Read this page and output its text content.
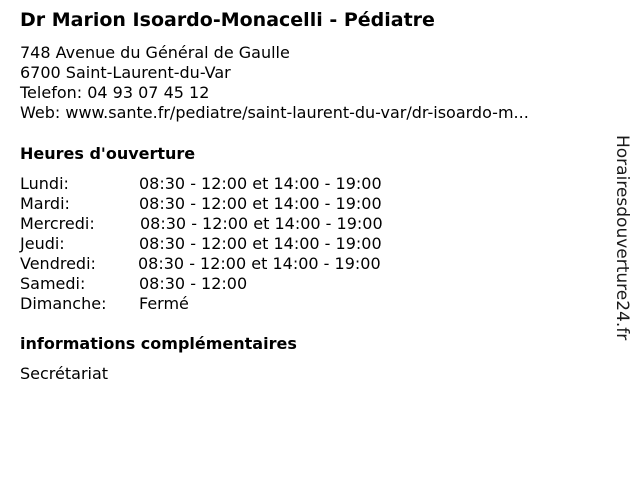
Dr Marion Isoardo-Monacelli - Pédiatre
748 Avenue du Général de Gaulle
6700 Saint-Laurent-du-Var
Telefon: 04 93 07 45 12
Web: www.sante.fr/pediatre/saint-laurent-du-var/dr-isoardo-m...
Heures d'ouverture
Lundi:	08:30 - 12:00 et 14:00 - 19:00
Mardi:	08:30 - 12:00 et 14:00 - 19:00
Mercredi:	08:30 - 12:00 et 14:00 - 19:00
Jeudi:	08:30 - 12:00 et 14:00 - 19:00
Vendredi:	08:30 - 12:00 et 14:00 - 19:00
Samedi:	08:30 - 12:00
Dimanche: Fermé
informations complémentaires
Secrétariat
Horairesdouverture24.fr
